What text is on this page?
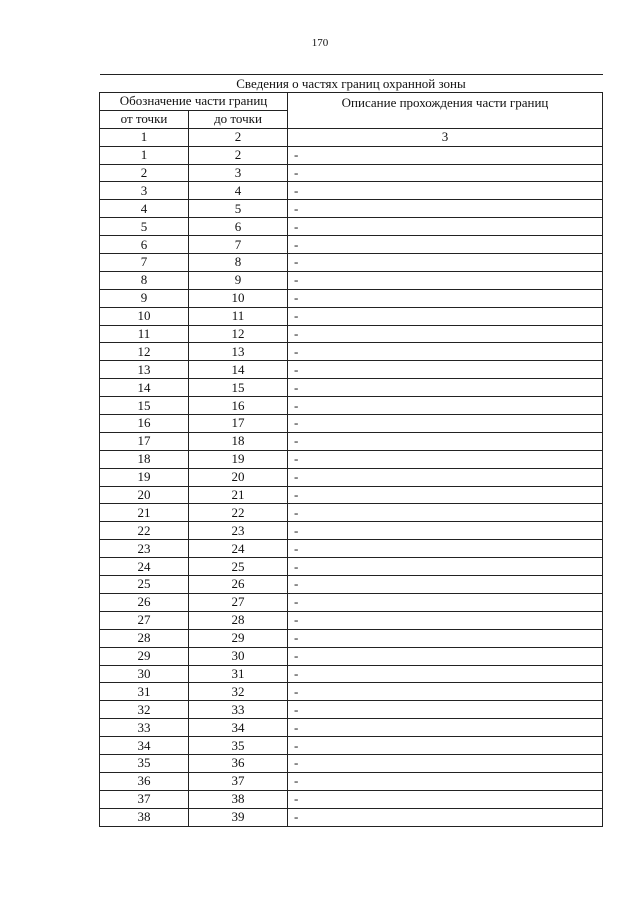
170
Сведения о частях границ охранной зоны		
Обозначение части границ		Описание прохождения части границ
от точки	до точки	
1	2	3
1	2	-
2	3	-
3	4	-
4	5	-
5	6	-
6	7	-
7	8	-
8	9	-
9	10	-
10	11	-
11	12	-
12	13	-
13	14	-
14	15	-
15	16	-
16	17	-
17	18	-
18	19	-
19	20	-
20	21	-
21	22	-
22	23	-
23	24	-
24	25	-
25	26	-
26	27	-
27	28	-
28	29	-
29	30	-
30	31	-
31	32	-
32	33	-
33	34	-
34	35	-
35	36	-
36	37	-
37	38	-
38	39	-
